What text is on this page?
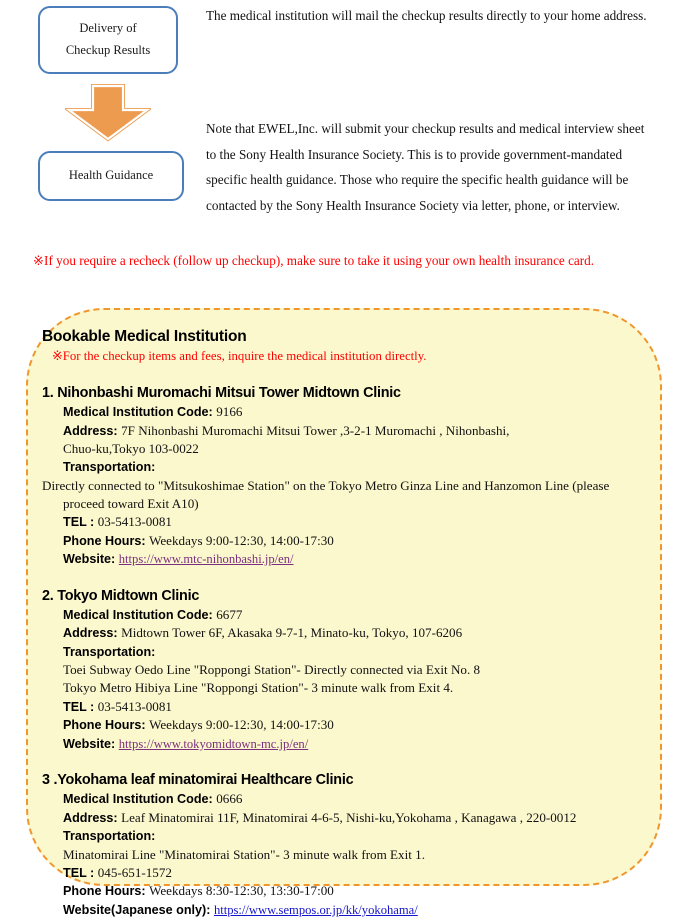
Delivery of
Checkup Results
Health Guidance
The medical institution will mail the checkup results directly to your home address.
Note that EWEL,Inc. will submit your checkup results and medical interview sheet to the Sony Health Insurance Society. This is to provide government-mandated specific health guidance. Those who require the specific health guidance will be contacted by the Sony Health Insurance Society via letter, phone, or interview.
※If you require a recheck (follow up checkup), make sure to take it using your own health insurance card.
Bookable Medical Institution
※For the checkup items and fees, inquire the medical institution directly.
1. Nihonbashi Muromachi Mitsui Tower Midtown Clinic
Medical Institution Code: 9166
Address: 7F Nihonbashi Muromachi Mitsui Tower ,3-2-1 Muromachi , Nihonbashi,
Chuo-ku,Tokyo 103-0022
Transportation:
Directly connected to "Mitsukoshimae Station" on the Tokyo Metro Ginza Line and Hanzomon Line (please proceed toward Exit A10)
TEL : 03-5413-0081
Phone Hours: Weekdays 9:00-12:30, 14:00-17:30
Website: https://www.mtc-nihonbashi.jp/en/
2. Tokyo Midtown Clinic
Medical Institution Code: 6677
Address: Midtown Tower 6F, Akasaka 9-7-1, Minato-ku, Tokyo, 107-6206
Transportation:
Toei Subway Oedo Line "Roppongi Station"- Directly connected via Exit No. 8
Tokyo Metro Hibiya Line "Roppongi Station"- 3 minute walk from Exit 4.
TEL : 03-5413-0081
Phone Hours: Weekdays 9:00-12:30, 14:00-17:30
Website: https://www.tokyomidtown-mc.jp/en/
3 .Yokohama leaf minatomirai Healthcare Clinic
Medical Institution Code: 0666
Address: Leaf Minatomirai 11F, Minatomirai 4-6-5, Nishi-ku,Yokohama , Kanagawa , 220-0012
Transportation:
Minatomirai Line "Minatomirai Station"- 3 minute walk from Exit 1.
TEL : 045-651-1572
Phone Hours: Weekdays 8:30-12:30, 13:30-17:00
Website(Japanese only): https://www.sempos.or.jp/kk/yokohama/
